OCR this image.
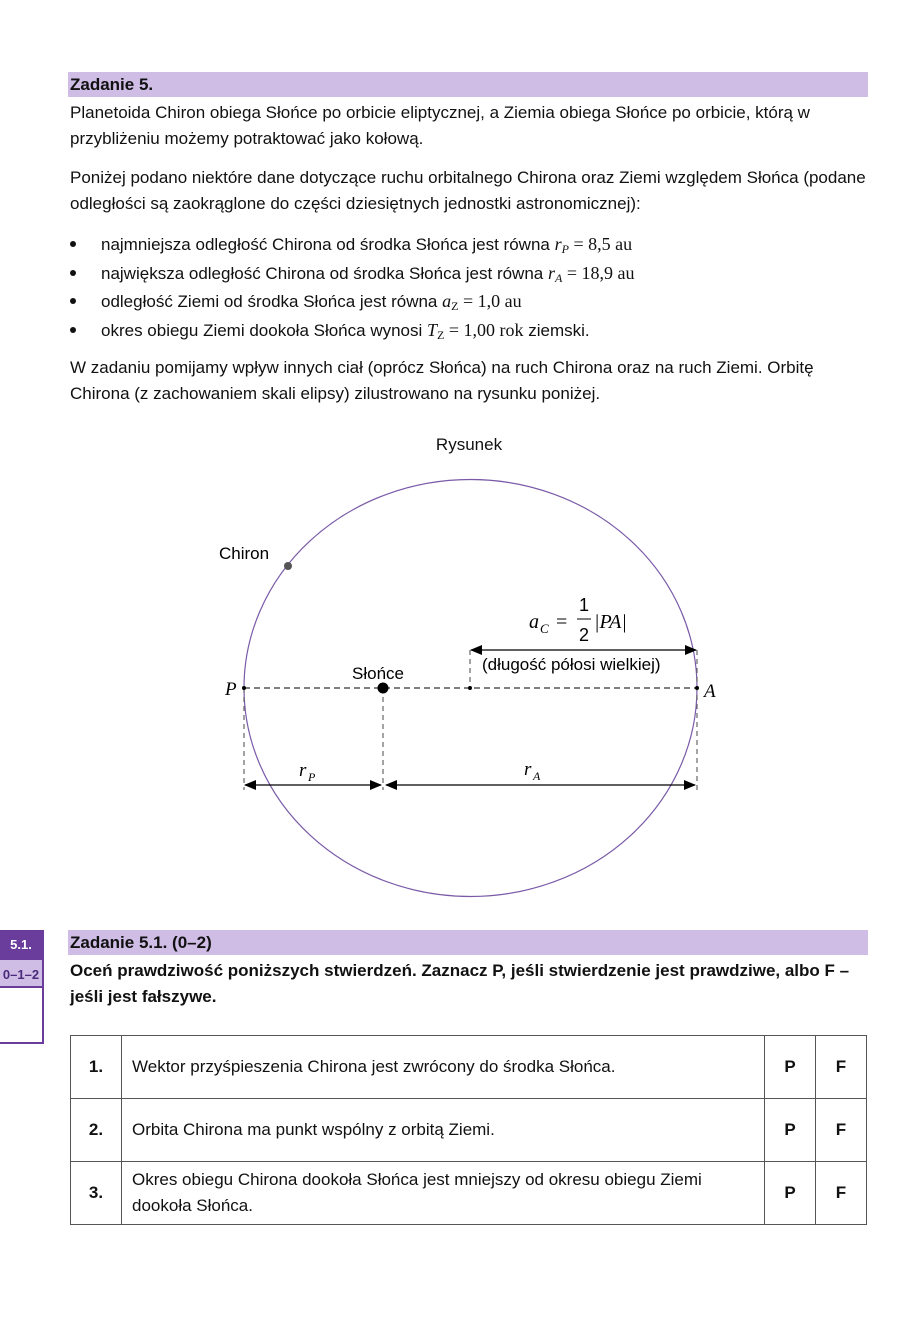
Zadanie 5.
Planetoida Chiron obiega Słońce po orbicie eliptycznej, a Ziemia obiega Słońce po orbicie, którą w przybliżeniu możemy potraktować jako kołową.
Poniżej podano niektóre dane dotyczące ruchu orbitalnego Chirona oraz Ziemi względem Słońca (podane odległości są zaokrąglone do części dziesiętnych jednostki astronomicznej):
najmniejsza odległość Chirona od środka Słońca jest równa $r_P = 8,5$ au
największa odległość Chirona od środka Słońca jest równa $r_A = 18,9$ au
odległość Ziemi od środka Słońca jest równa $a_Z = 1,0$ au
okres obiegu Ziemi dookoła Słońca wynosi $T_Z = 1,00$ rok ziemski.
W zadaniu pomijamy wpływ innych ciał (oprócz Słońca) na ruch Chirona oraz na ruch Ziemi. Orbitę Chirona (z zachowaniem skali elipsy) zilustrowano na rysunku poniżej.
Rysunek
Chiron
Słońce
P	A
(długość półosi wielkiej)
a C =
1
2
|PA|
r P	r A
5.1.
0–1–2
Zadanie 5.1. (0–2)
Oceń prawdziwość poniższych stwierdzeń. Zaznacz P, jeśli stwierdzenie jest prawdziwe, albo F – jeśli jest fałszywe.
1.	Wektor przyśpieszenia Chirona jest zwrócony do środka Słońca.	P	F
2.	Orbita Chirona ma punkt wspólny z orbitą Ziemi.	P	F
3.	Okres obiegu Chirona dookoła Słońca jest mniejszy od okresu obiegu Ziemi dookoła Słońca.	P	F
